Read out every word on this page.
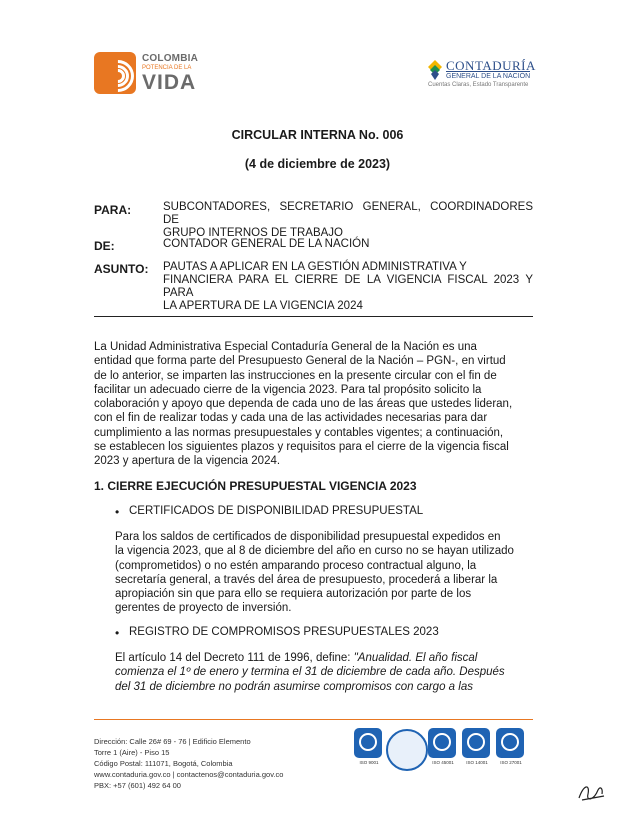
COLOMBIA
POTENCIA DE LA
VIDA
CONTADURÍA
GENERAL DE LA NACIÓN
Cuentas Claras, Estado Transparente
CIRCULAR INTERNA No. 006
(4 de diciembre de 2023)
PARA:	SUBCONTADORES, SECRETARIO GENERAL, COORDINADORES DE
GRUPO INTERNOS DE TRABAJO
DE:	CONTADOR GENERAL DE LA NACIÓN
ASUNTO: PAUTAS A APLICAR EN LA GESTIÓN ADMINISTRATIVA Y
FINANCIERA PARA EL CIERRE DE LA VIGENCIA FISCAL 2023 Y PARA
LA APERTURA DE LA VIGENCIA 2024
La Unidad Administrativa Especial Contaduría General de la Nación es una
entidad que forma parte del Presupuesto General de la Nación – PGN-, en virtud
de lo anterior, se imparten las instrucciones en la presente circular con el fin de
facilitar un adecuado cierre de la vigencia 2023. Para tal propósito solicito la
colaboración y apoyo que dependa de cada uno de las áreas que ustedes lideran,
con el fin de realizar todas y cada una de las actividades necesarias para dar
cumplimiento a las normas presupuestales y contables vigentes; a continuación,
se establecen los siguientes plazos y requisitos para el cierre de la vigencia fiscal
2023 y apertura de la vigencia 2024.
1. CIERRE EJECUCIÓN PRESUPUESTAL VIGENCIA 2023
• CERTIFICADOS DE DISPONIBILIDAD PRESUPUESTAL
Para los saldos de certificados de disponibilidad presupuestal expedidos en
la vigencia 2023, que al 8 de diciembre del año en curso no se hayan utilizado
(comprometidos) o no estén amparando proceso contractual alguno, la
secretaría general, a través del área de presupuesto, procederá a liberar la
apropiación sin que para ello se requiera autorización por parte de los
gerentes de proyecto de inversión.
• REGISTRO DE COMPROMISOS PRESUPUESTALES 2023
El artículo 14 del Decreto 111 de 1996, define: "Anualidad. El año fiscal
comienza el 1º de enero y termina el 31 de diciembre de cada año. Después
del 31 de diciembre no podrán asumirse compromisos con cargo a las
Dirección: Calle 26# 69 - 76 | Edificio Elemento
Torre 1 (Aire) - Piso 15
Código Postal: 111071, Bogotá, Colombia
www.contaduria.gov.co | contactenos@contaduria.gov.co
PBX: +57 (601) 492 64 00
ISO 9001	ISO 45001	ISO 14001	ISO 27001
